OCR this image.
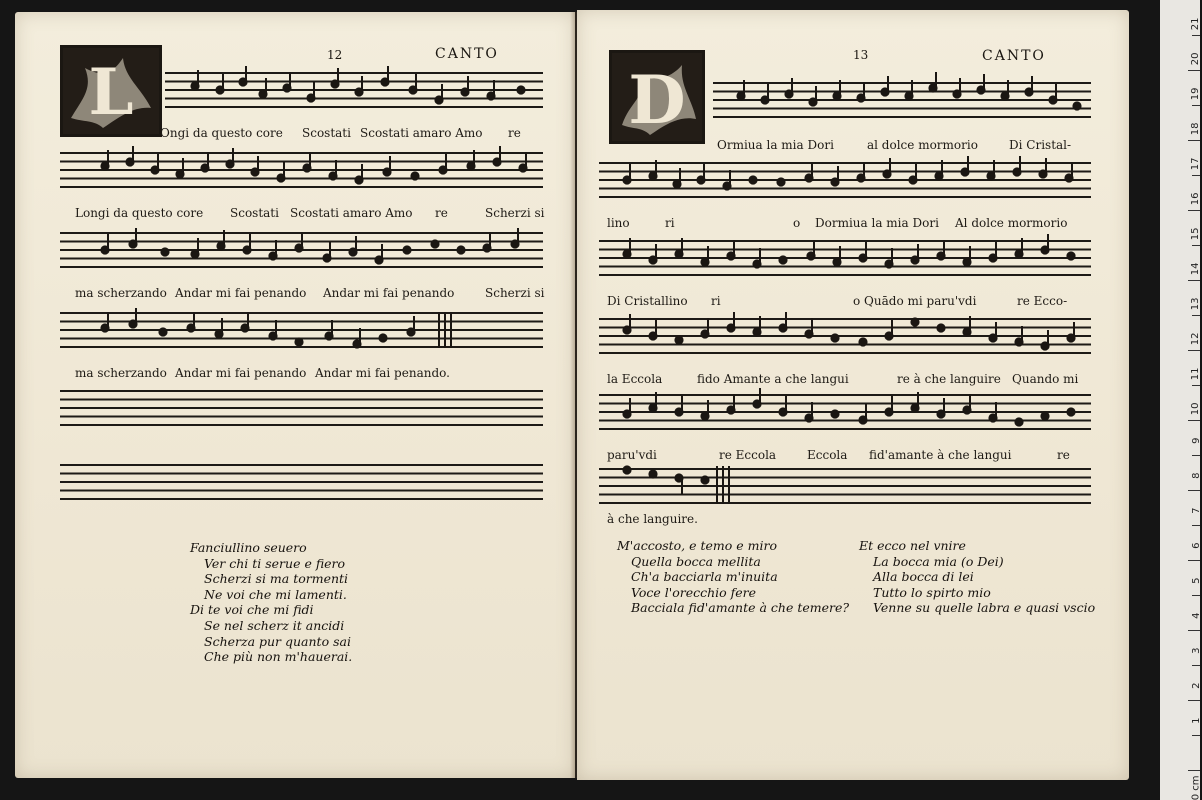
12	CANTO
L
Ongi da questo core Scostati Scostati amaro Amo re
Longi da questo core Scostati Scostati amaro Amo re	Scherzi si
ma scherzando Andar mi fai penando Andar mi fai penando	Scherzi si
ma scherzando Andar mi fai penando Andar mi fai penando.
Fanciullino seuero
Ver chi ti serue e fiero
Scherzi si ma tormenti
Ne voi che mi lamenti.
Di te voi che mi fidi
Se nel scherz it ancidi
Scherza pur quanto sai
Che più non m'hauerai.
13	CANTO
D
Ormiua la mia Dori	al dolce mormorio	Di Cristal-
lino	ri	o Dormiua la mia Dori Al dolce mormorio
Di Cristallino ri	o Quādo mi paru'vdi	re Ecco-
la Eccola	fido Amante a che langui	re à che languire Quando mi
paru'vdi	re Eccola	Eccola fid'amante à che langui	re
à che languire.
M'accosto, e temo e miro
Quella bocca mellita
Ch'a bacciarla m'inuita
Voce l'orecchio fere
Bacciala fid'amante à che temere?
Et ecco nel vnire
La bocca mia (o Dei)
Alla bocca di lei
Tutto lo spirto mio
Venne su quelle labra e quasi vscio
0 cm
1
2
3
4
5
6
7
8
9
10
11
12
13
14
15
16
17
18
19
20
21
